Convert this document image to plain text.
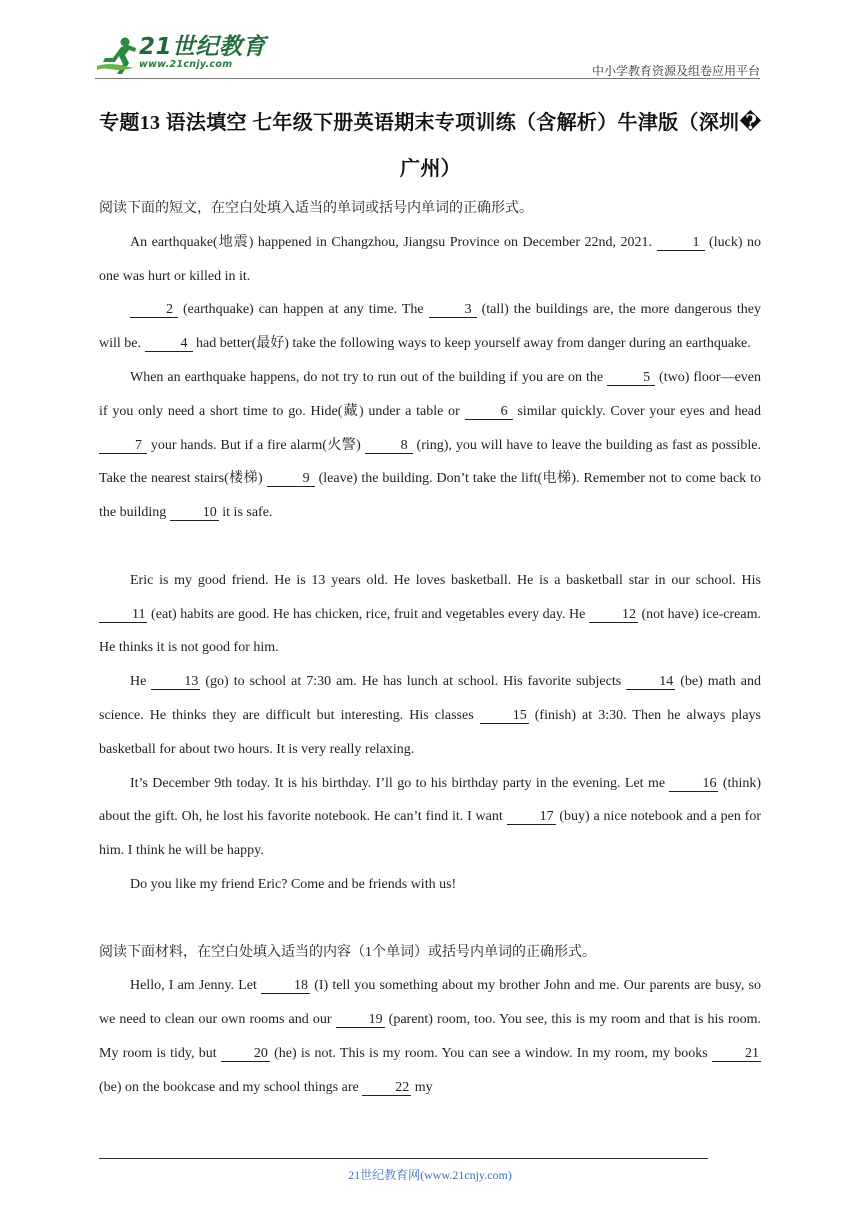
21世纪教育
www.21cnjy.com	中小学教育资源及组卷应用平台
专题13 语法填空 七年级下册英语期末专项训练（含解析）牛津版（深圳� 广州）

阅读下面的短文，在空白处填入适当的单词或括号内单词的正确形式。

An earthquake(地震) happened in Changzhou, Jiangsu Province on December 22nd, 2021.	1 (luck) no one was hurt or killed in it.

2 (earthquake) can happen at any time. The	3 (tall) the buildings are, the more dangerous they will be.	4 had better(最好) take the following ways to keep yourself away from danger during an earthquake.

When an earthquake happens, do not try to run out of the building if you are on the	5 (two) floor—even if you only need a short time to go. Hide(藏) under a table or	6 similar quickly. Cover your eyes and head 7 your hands. But if a fire alarm(火警)	8 (ring), you will have to leave the building as fast as possible. Take the nearest stairs(楼梯)	9 (leave) the building. Don’t take the lift(电梯). Remember not to come back to the building 10 it is safe.

Eric is my good friend. He is 13 years old. He loves basketball. He is a basketball star in our school. His 11 (eat) habits are good. He has chicken, rice, fruit and vegetables every day. He 12 (not have) ice-cream. He thinks it is not good for him.

He 13 (go) to school at 7:30 am. He has lunch at school. His favorite subjects 14 (be) math and science. He thinks they are difficult but interesting. His classes 15 (finish) at 3:30. Then he always plays basketball for about two hours. It is very really relaxing.

It’s December 9th today. It is his birthday. I’ll go to his birthday party in the evening. Let me 16 (think) about the gift. Oh, he lost his favorite notebook. He can’t find it. I want 17 (buy) a nice notebook and a pen for him. I think he will be happy.

Do you like my friend Eric? Come and be friends with us!

阅读下面材料，在空白处填入适当的内容（1个单词）或括号内单词的正确形式。

Hello, I am Jenny. Let 18 (I) tell you something about my brother John and me. Our parents are busy, so we need to clean our own rooms and our 19 (parent) room, too. You see, this is my room and that is his room. My room is tidy, but 20 (he) is not. This is my room. You can see a window. In my room, my books 21 (be) on the bookcase and my school things are 22 my

21世纪教育网(www.21cnjy.com)
